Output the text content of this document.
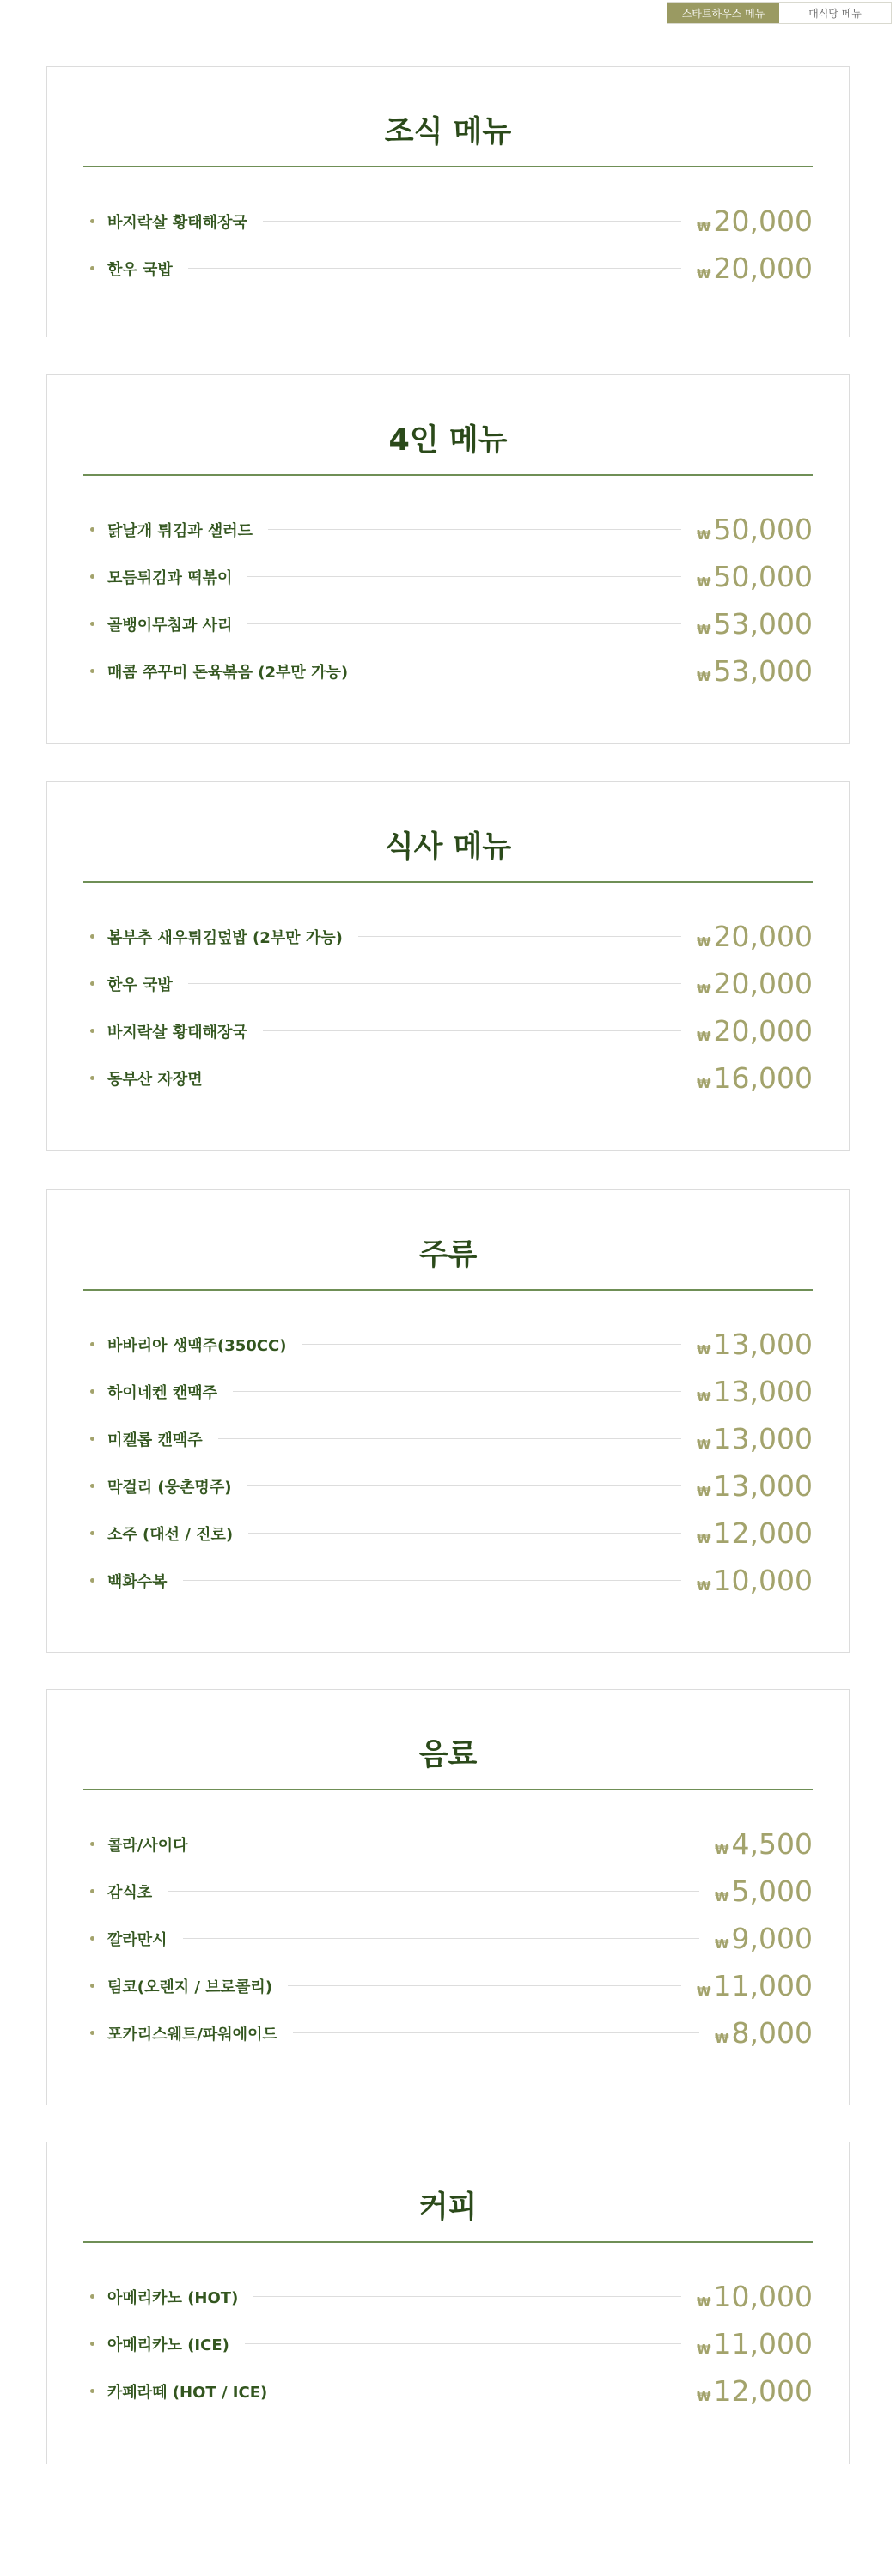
스타트하우스 메뉴	대식당 메뉴
조식 메뉴
바지락살 황태해장국	₩ 20,000
한우 국밥	₩ 20,000
4인 메뉴
닭날개 튀김과 샐러드	₩ 50,000
모듬튀김과 떡볶이	₩ 50,000
골뱅이무침과 사리	₩ 53,000
매콤 쭈꾸미 돈육볶음 (2부만 가능)	₩ 53,000
식사 메뉴
봄부추 새우튀김덮밥 (2부만 가능)	₩ 20,000
한우 국밥	₩ 20,000
바지락살 황태해장국	₩ 20,000
동부산 자장면	₩ 16,000
주류
바바리아 생맥주(350CC)	₩ 13,000
하이네켄 캔맥주	₩ 13,000
미켈롭 캔맥주	₩ 13,000
막걸리 (웅촌명주)	₩ 13,000
소주 (대선 / 진로)	₩ 12,000
백화수복	₩ 10,000
음료
콜라/사이다	₩ 4,500
감식초	₩ 5,000
깔라만시	₩ 9,000
팀코(오렌지 / 브로콜리)	₩ 11,000
포카리스웨트/파워에이드	₩ 8,000
커피
아메리카노 (HOT)	₩ 10,000
아메리카노 (ICE)	₩ 11,000
카페라떼 (HOT / ICE)	₩ 12,000
